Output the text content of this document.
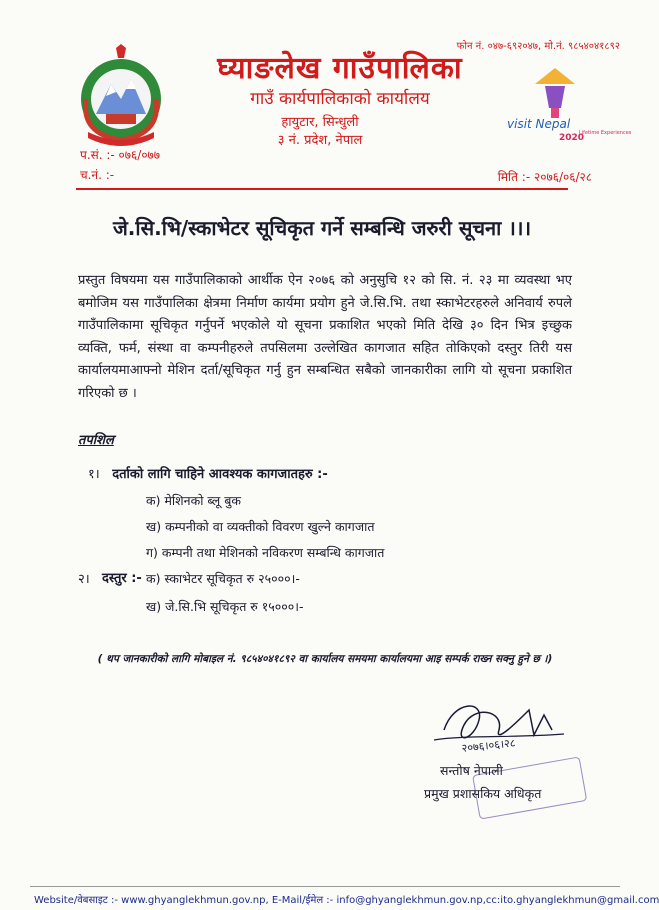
घ्याङलेख गाउँपालिका
गाउँ कार्यपालिकाको कार्यालय
हायुटार, सिन्धुली
३ नं. प्रदेश, नेपाल
फोन नं. ०४७-६९२०४७, मो.नं. ९८५४०४१८९२
visit Nepal
2020
Lifetime Experiences
प.सं. :- ०७६/०७७
च.नं. :-	मिति :- २०७६/०६/२८
जे.सि.भि/स्काभेटर सूचिकृत गर्ने सम्बन्धि जरुरी सूचना ।।।
प्रस्तुत विषयमा यस गाउँपालिकाको आर्थीक ऐन २०७६ को अनुसुचि १२ को सि. नं. २३ मा व्यवस्था भए बमोजिम यस गाउँपालिका क्षेत्रमा निर्माण कार्यमा प्रयोग हुने जे.सि.भि. तथा स्काभेटरहरुले अनिवार्य रुपले गाउँपालिकामा सूचिकृत गर्नुपर्ने भएकोले यो सूचना प्रकाशित भएको मिति देखि ३० दिन भित्र इच्छुक व्यक्ति, फर्म, संस्था वा कम्पनीहरुले तपसिलमा उल्लेखित कागजात सहित तोकिएको दस्तुर तिरी यस कार्यालयमाआफ्नो मेशिन दर्ता/सूचिकृत गर्नु हुन सम्बन्धित सबैको जानकारीका लागि यो सूचना प्रकाशित गरिएको छ ।
तपशिल
१। दर्ताको लागि चाहिने आवश्यक कागजातहरु :-
क) मेशिनको ब्लू बुक
ख) कम्पनीको वा व्यक्तीको विवरण खुल्ने कागजात
ग) कम्पनी तथा मेशिनको नविकरण सम्बन्धि कागजात
२। दस्तुर :- क) स्काभेटर सूचिकृत रु २५०००।-
ख) जे.सि.भि सूचिकृत रु १५०००।-
( थप जानकारीको लागि मोबाइल नं. ९८५४०४१८९२ वा कार्यालय समयमा कार्यालयमा आइ सम्पर्क राख्न सक्नु हुने छ ।)
२०७६।०६।२८
सन्तोष नेपाली
प्रमुख प्रशासकिय अधिकृत
Website/वेबसाइट :- www.ghyanglekhmun.gov.np, E-Mail/ईमेल :- info@ghyanglekhmun.gov.np,cc:ito.ghyanglekhmun@gmail.com
